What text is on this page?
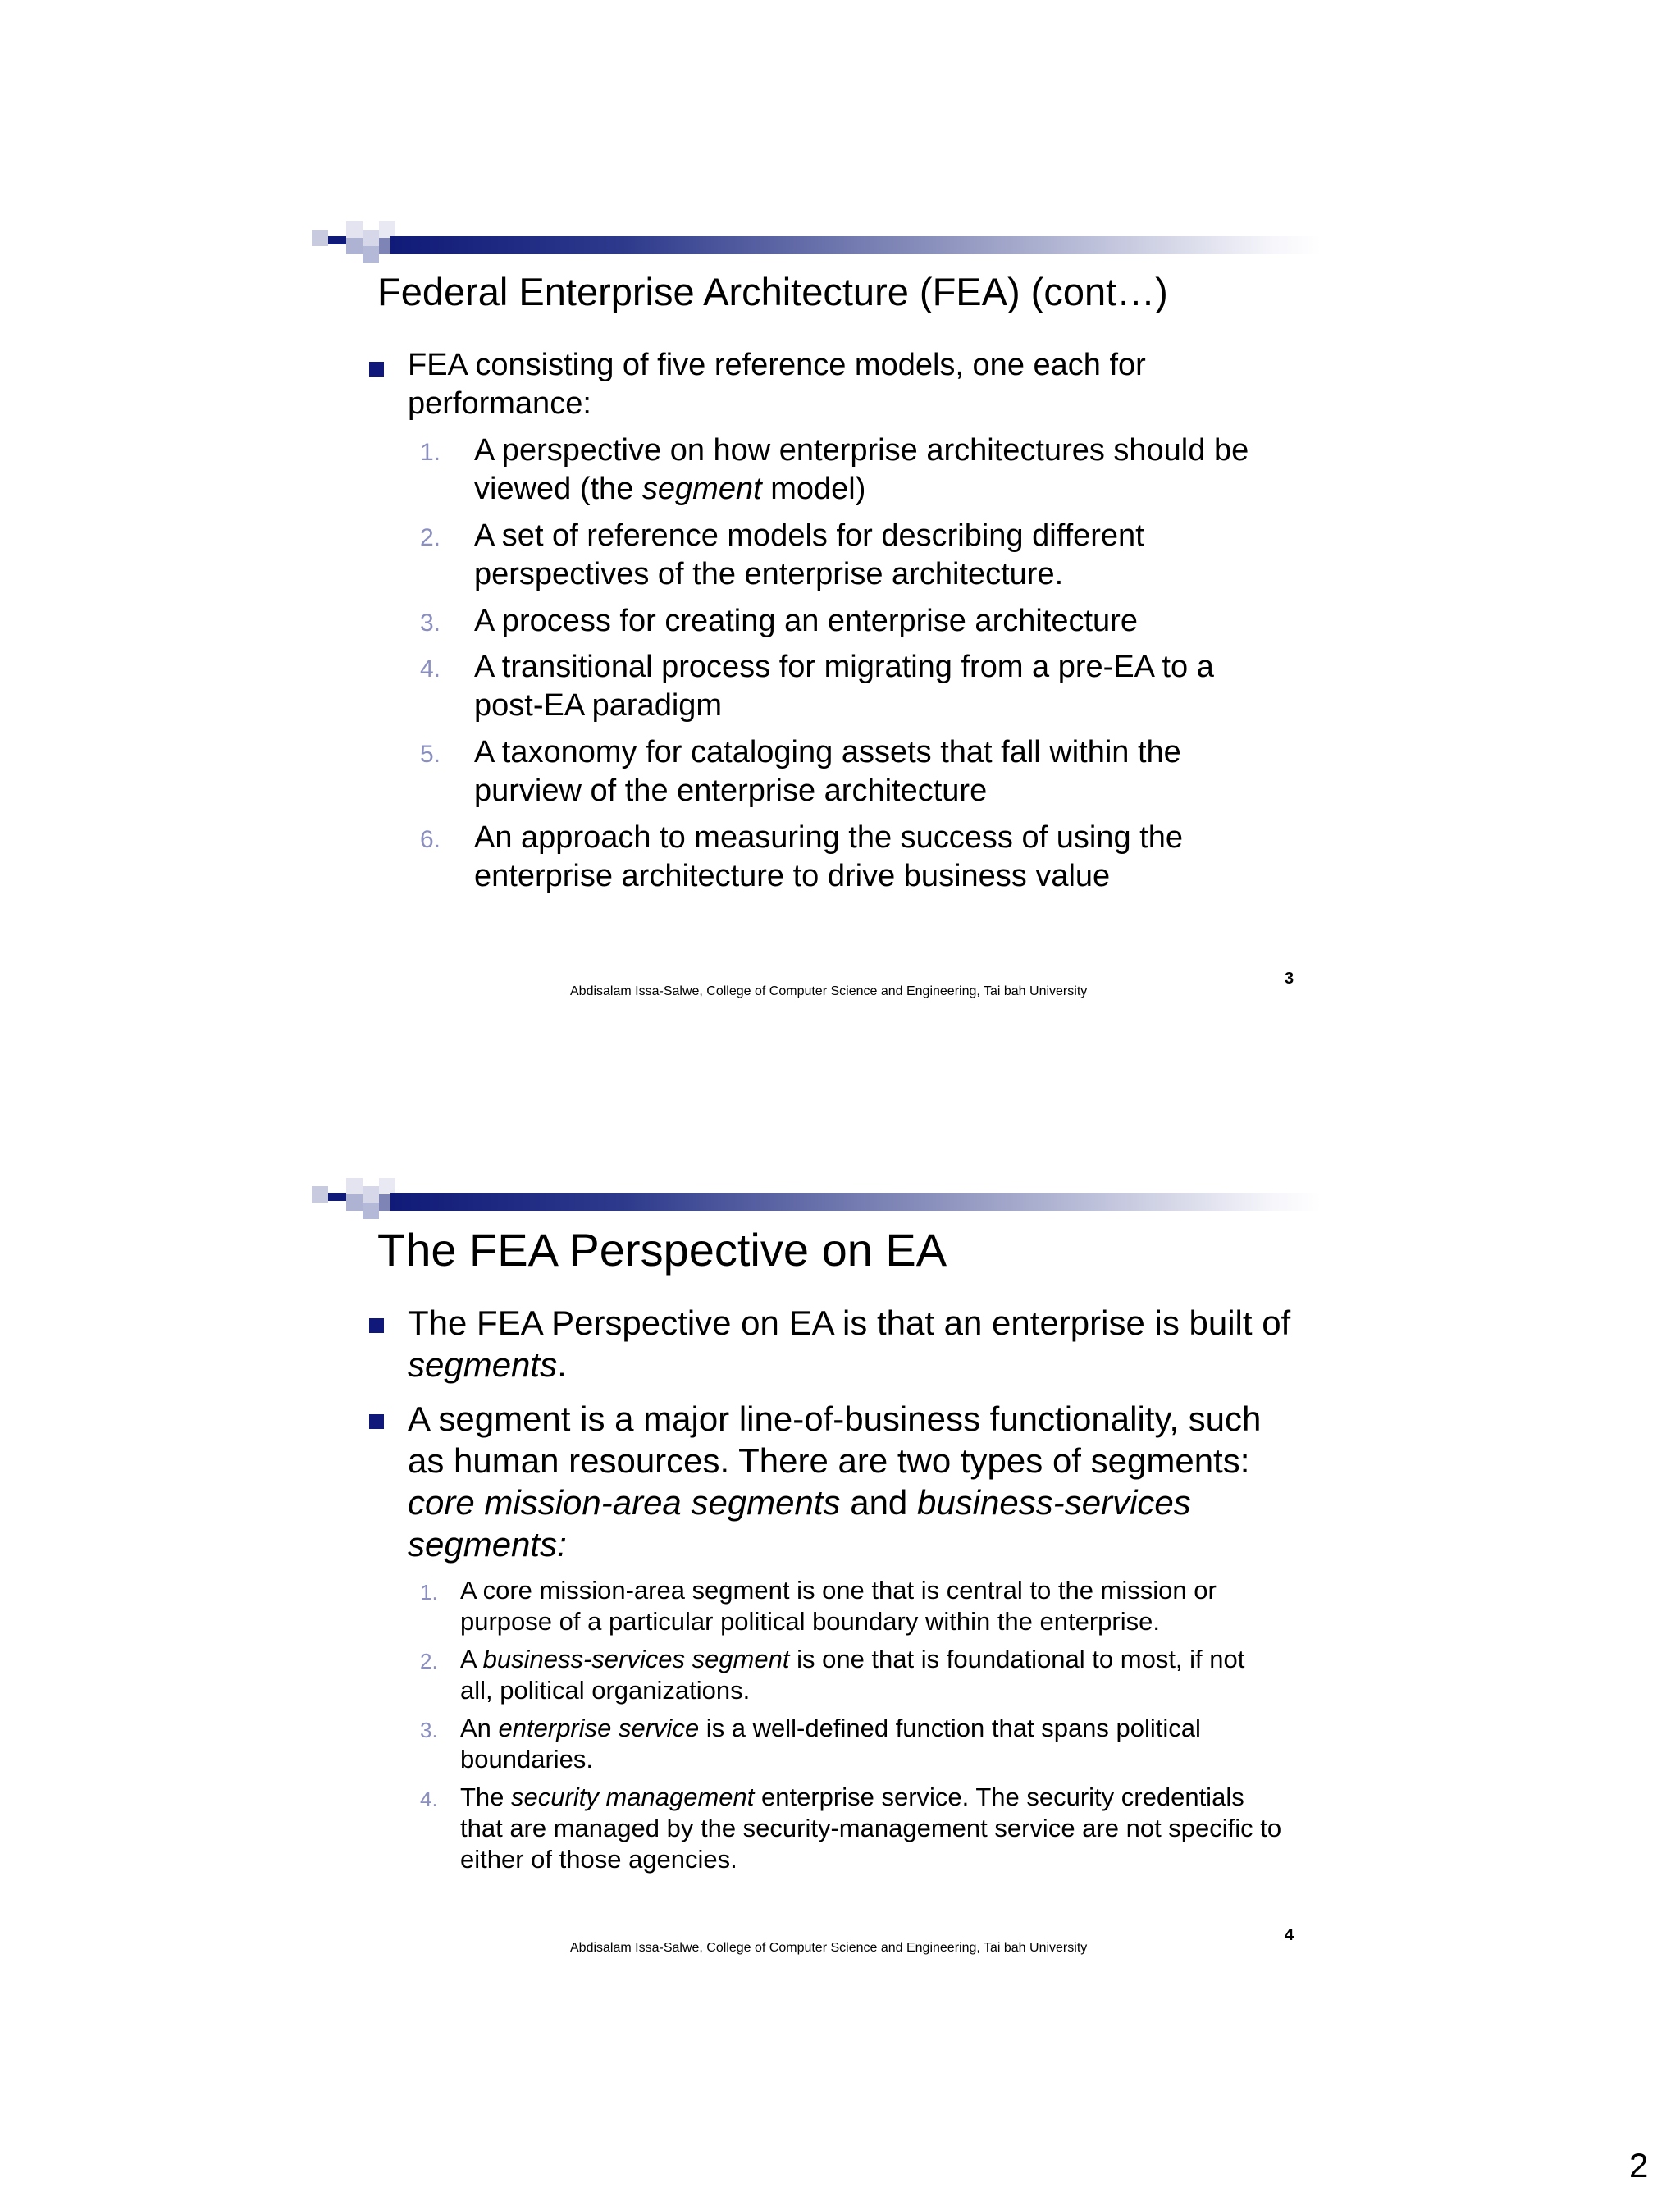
Federal Enterprise Architecture (FEA) (cont…)

FEA consisting of five reference models, one each for
performance:

1. A perspective on how enterprise architectures should be
viewed (the segment model)

2. A set of reference models for describing different
perspectives of the enterprise architecture.

3. A process for creating an enterprise architecture

4. A transitional process for migrating from a pre-EA to a
post-EA paradigm

5. A taxonomy for cataloging assets that fall within the
purview of the enterprise architecture

6. An approach to measuring the success of using the
enterprise architecture to drive business value

3
Abdisalam Issa-Salwe, College of Computer Science and Engineering, Tai bah University
The FEA Perspective on EA

The FEA Perspective on EA is that an enterprise is built of
segments.

A segment is a major line-of-business functionality, such
as human resources. There are two types of segments:
core mission-area segments and business-services
segments:

1. A core mission-area segment is one that is central to the mission or
purpose of a particular political boundary within the enterprise.

2. A business-services segment is one that is foundational to most, if not
all, political organizations.

3. An enterprise service is a well-defined function that spans political
boundaries.

4. The security management enterprise service. The security credentials
that are managed by the security-management service are not specific to
either of those agencies.

4
Abdisalam Issa-Salwe, College of Computer Science and Engineering, Tai bah University
2
